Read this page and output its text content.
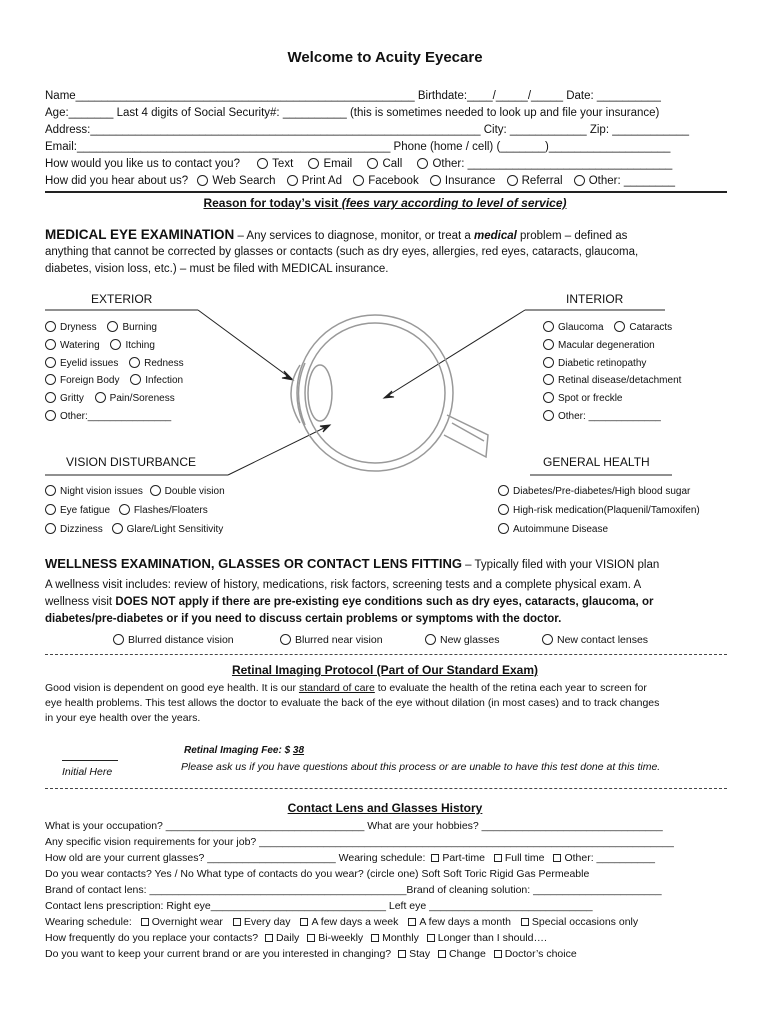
Welcome to Acuity Eyecare
Name_____________________________________________________ Birthdate:____/_____/_____ Date: __________
Age:_______ Last 4 digits of Social Security#: __________ (this is sometimes needed to look up and file your insurance)
Address:_____________________________________________________________ City: ____________ Zip: ____________
Email:_________________________________________________ Phone (home / cell) (_______)___________________
How would you like us to contact you?	Text	Email	Call	Other: ________________________________
How did you hear about us? Web Search Print Ad Facebook Insurance Referral Other: ________
Reason for today’s visit (fees vary according to level of service)
MEDICAL EYE EXAMINATION – Any services to diagnose, monitor, or treat a medical problem – defined as
anything that cannot be corrected by glasses or contacts (such as dry eyes, allergies, red eyes, cataracts, glaucoma,
diabetes, vision loss, etc.) – must be filed with MEDICAL insurance.
EXTERIOR
Dryness	Burning
Watering	Itching
Eyelid issues	Redness
Foreign Body	Infection
Gritty	Pain/Soreness
Other:_______________
INTERIOR
Glaucoma	Cataracts
Macular degeneration
Diabetic retinopathy
Retinal disease/detachment
Spot or freckle
Other: _____________
VISION DISTURBANCE
Night vision issues Double vision
Eye fatigue Flashes/Floaters
Dizziness Glare/Light Sensitivity
GENERAL HEALTH
Diabetes/Pre-diabetes/High blood sugar
High-risk medication(Plaquenil/Tamoxifen)
Autoimmune Disease
WELLNESS EXAMINATION, GLASSES OR CONTACT LENS FITTING – Typically filed with your VISION plan
A wellness visit includes: review of history, medications, risk factors, screening tests and a complete physical exam. A
wellness visit DOES NOT apply if there are pre-existing eye conditions such as dry eyes, cataracts, glaucoma, or
diabetes/pre-diabetes or if you need to discuss certain problems or symptoms with the doctor.
Blurred distance vision	Blurred near vision	New glasses	New contact lenses
Retinal Imaging Protocol (Part of Our Standard Exam)
Good vision is dependent on good eye health. It is our standard of care to evaluate the health of the retina each year to screen for
eye health problems. This test allows the doctor to evaluate the back of the eye without dilation (in most cases) and to track changes
in your eye health over the years.
Initial Here
Retinal Imaging Fee: $ 38
Please ask us if you have questions about this process or are unable to have this test done at this time.
Contact Lens and Glasses History
What is your occupation? __________________________________ What are your hobbies? _______________________________
Any specific vision requirements for your job? _______________________________________________________________________
How old are your current glasses? ______________________ Wearing schedule: Part-time Full time Other: __________
Do you wear contacts? Yes / No What type of contacts do you wear? (circle one) Soft Soft Toric Rigid Gas Permeable
Brand of contact lens: ____________________________________________Brand of cleaning solution: ______________________
Contact lens prescription: Right eye______________________________ Left eye ____________________________
Wearing schedule: Overnight wear Every day A few days a week A few days a month Special occasions only
How frequently do you replace your contacts? Daily Bi-weekly Monthly Longer than I should….
Do you want to keep your current brand or are you interested in changing? Stay Change Doctor’s choice
